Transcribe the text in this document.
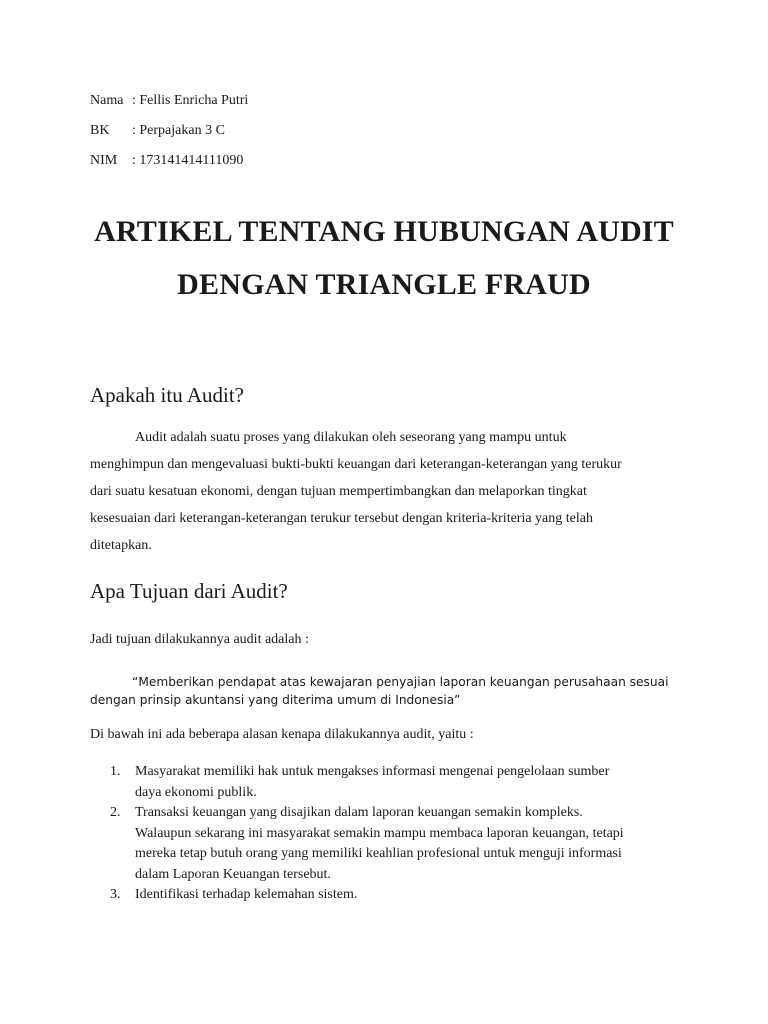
Nama : Fellis Enricha Putri
BK : Perpajakan 3 C
NIM : 173141414111090
ARTIKEL TENTANG HUBUNGAN AUDIT
DENGAN TRIANGLE FRAUD
Apakah itu Audit?
Audit adalah suatu proses yang dilakukan oleh seseorang yang mampu untuk
menghimpun dan mengevaluasi bukti-bukti keuangan dari keterangan-keterangan yang terukur
dari suatu kesatuan ekonomi, dengan tujuan mempertimbangkan dan melaporkan tingkat
kesesuaian dari keterangan-keterangan terukur tersebut dengan kriteria-kriteria yang telah
ditetapkan.
Apa Tujuan dari Audit?
Jadi tujuan dilakukannya audit adalah :
“Memberikan pendapat atas kewajaran penyajian laporan keuangan perusahaan sesuai
dengan prinsip akuntansi yang diterima umum di Indonesia”
Di bawah ini ada beberapa alasan kenapa dilakukannya audit, yaitu :
1. Masyarakat memiliki hak untuk mengakses informasi mengenai pengelolaan sumber
daya ekonomi publik.
2. Transaksi keuangan yang disajikan dalam laporan keuangan semakin kompleks.
Walaupun sekarang ini masyarakat semakin mampu membaca laporan keuangan, tetapi
mereka tetap butuh orang yang memiliki keahlian profesional untuk menguji informasi
dalam Laporan Keuangan tersebut.
3. Identifikasi terhadap kelemahan sistem.
